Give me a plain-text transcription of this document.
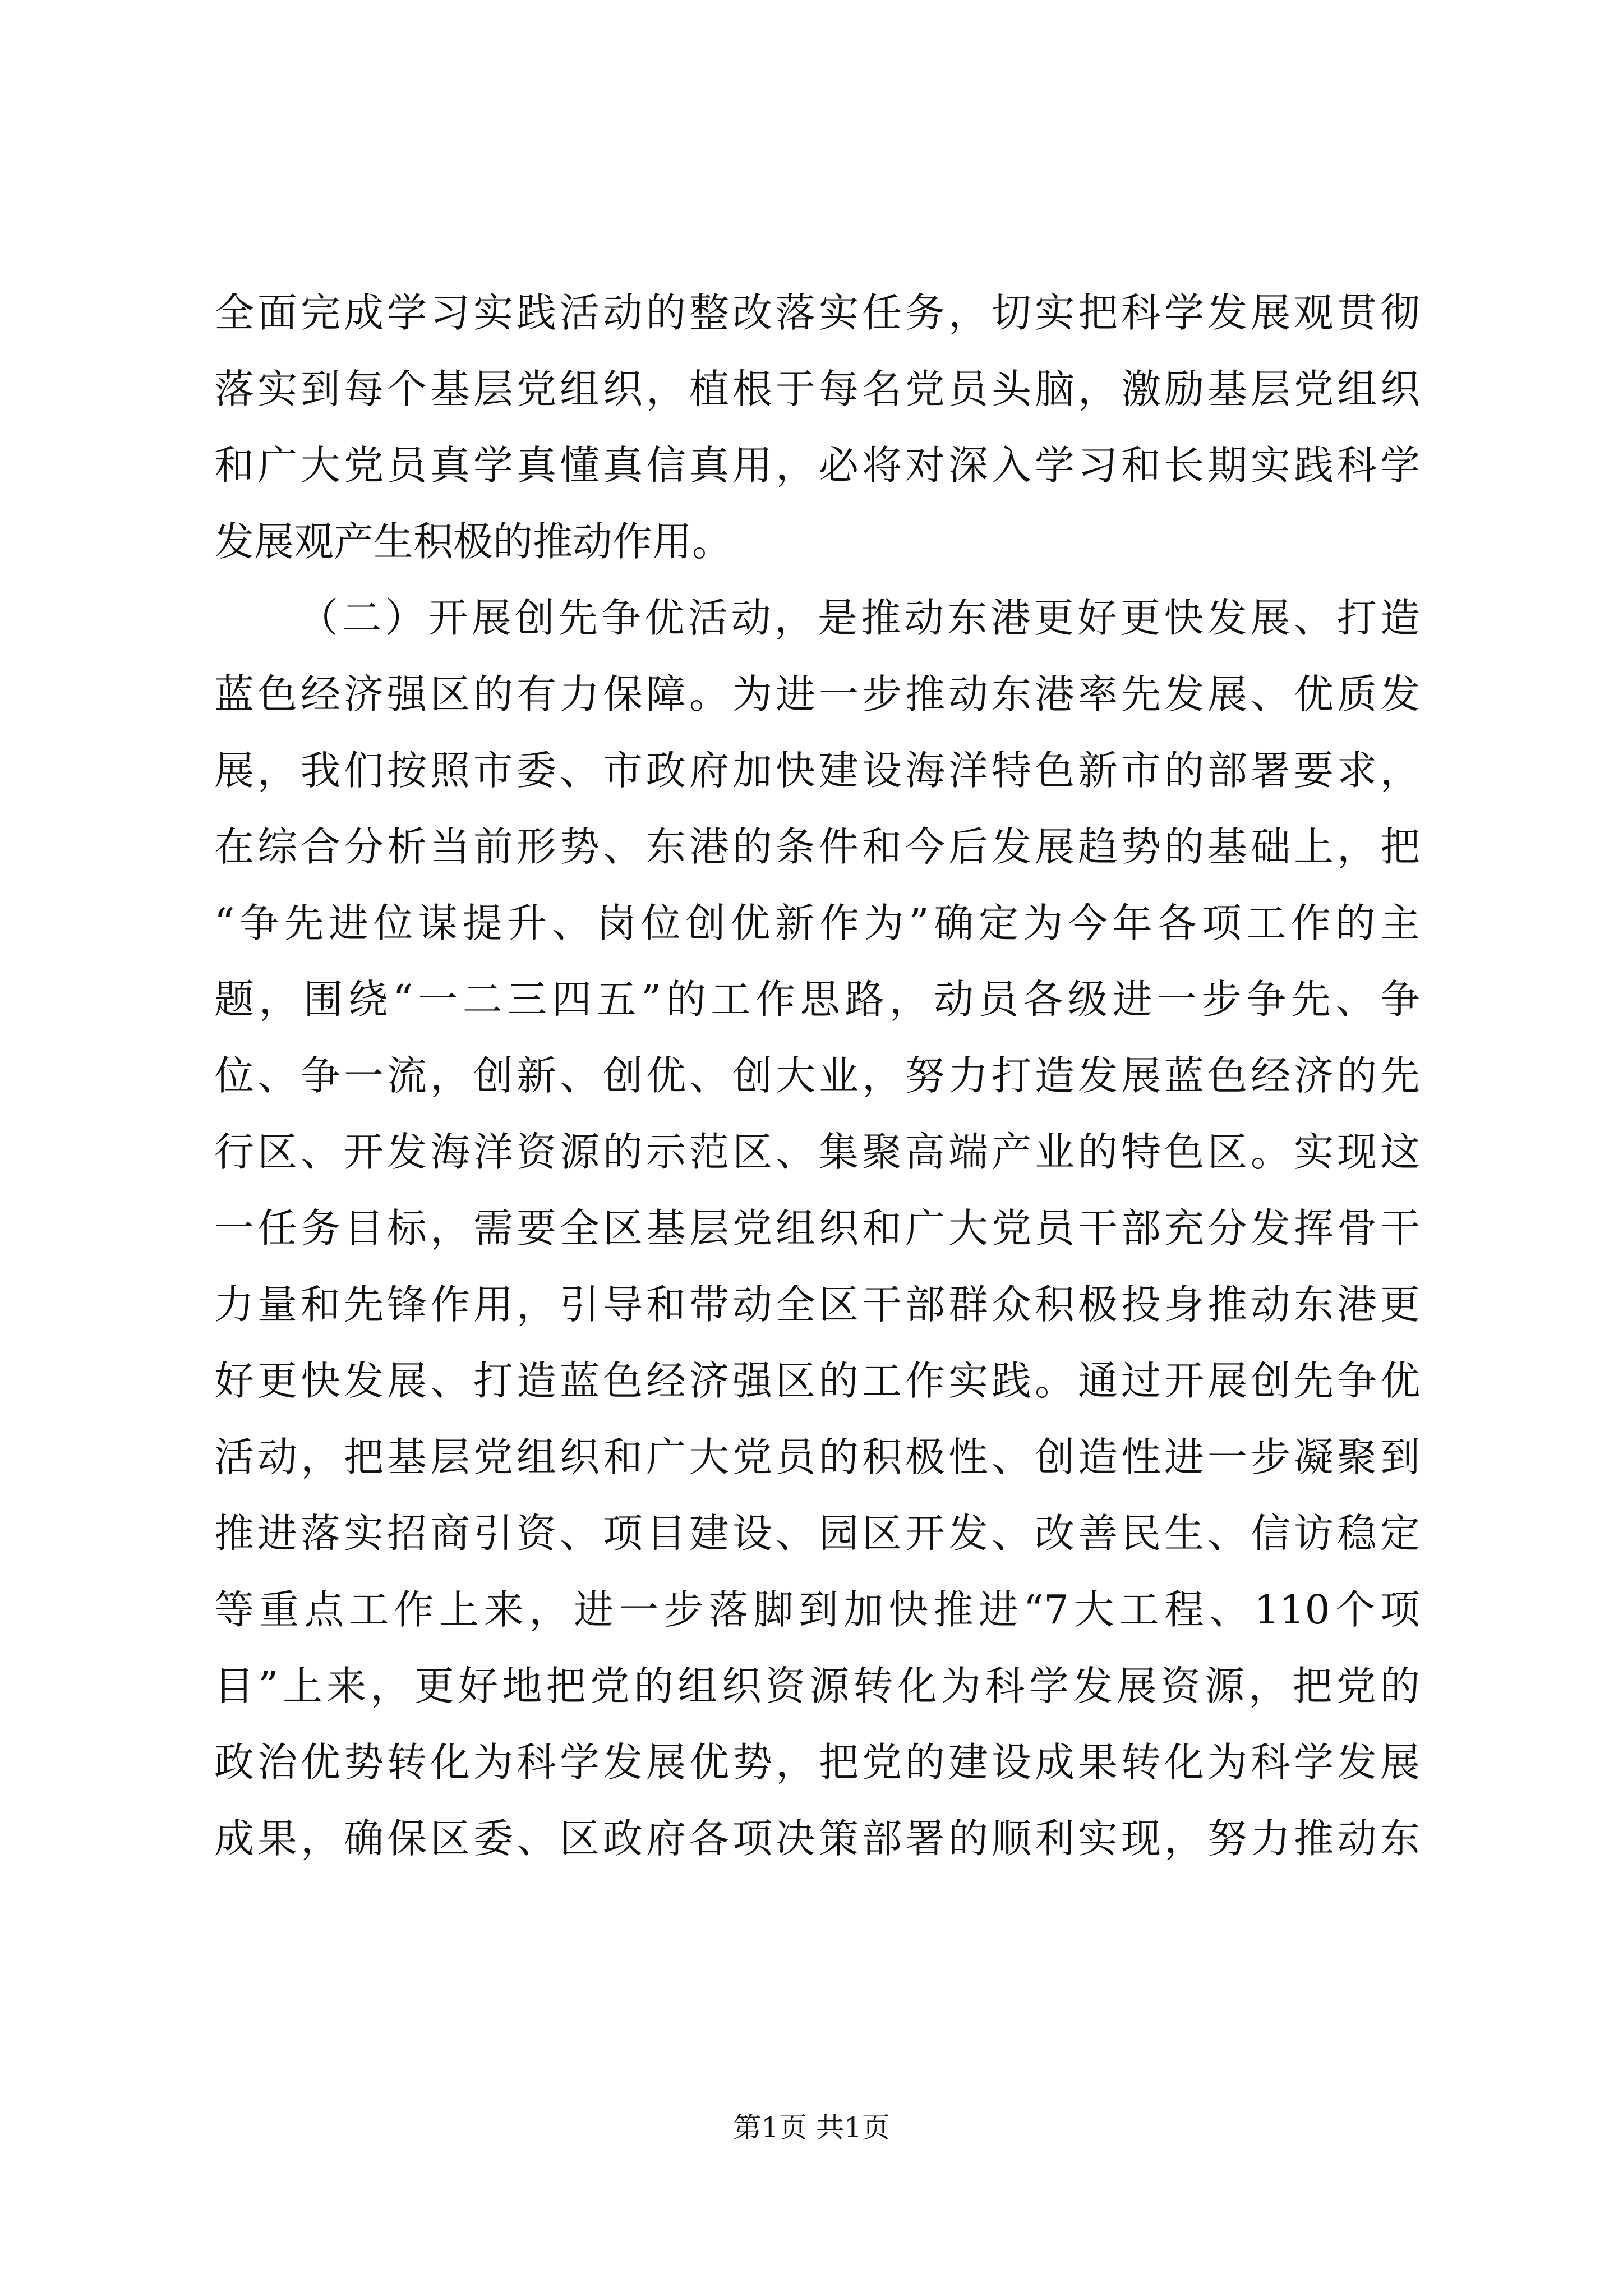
全面完成学习实践活动的整改落实任务，切实把科学发展观贯彻
落实到每个基层党组织，植根于每名党员头脑，激励基层党组织
和广大党员真学真懂真信真用，必将对深入学习和长期实践科学
发展观产生积极的推动作用。
（二）开展创先争优活动，是推动东港更好更快发展、打造
蓝色经济强区的有力保障。为进一步推动东港率先发展、优质发
展，我们按照市委、市政府加快建设海洋特色新市的部署要求，
在综合分析当前形势、东港的条件和今后发展趋势的基础上，把
“争先进位谋提升、岗位创优新作为”确定为今年各项工作的主
题，围绕“一二三四五”的工作思路，动员各级进一步争先、争
位、争一流，创新、创优、创大业，努力打造发展蓝色经济的先
行区、开发海洋资源的示范区、集聚高端产业的特色区。实现这
一任务目标，需要全区基层党组织和广大党员干部充分发挥骨干
力量和先锋作用，引导和带动全区干部群众积极投身推动东港更
好更快发展、打造蓝色经济强区的工作实践。通过开展创先争优
活动，把基层党组织和广大党员的积极性、创造性进一步凝聚到
推进落实招商引资、项目建设、园区开发、改善民生、信访稳定
等重点工作上来，进一步落脚到加快推进“7大工程、110个项
目”上来，更好地把党的组织资源转化为科学发展资源，把党的
政治优势转化为科学发展优势，把党的建设成果转化为科学发展
成果，确保区委、区政府各项决策部署的顺利实现，努力推动东
第1页 共1页
